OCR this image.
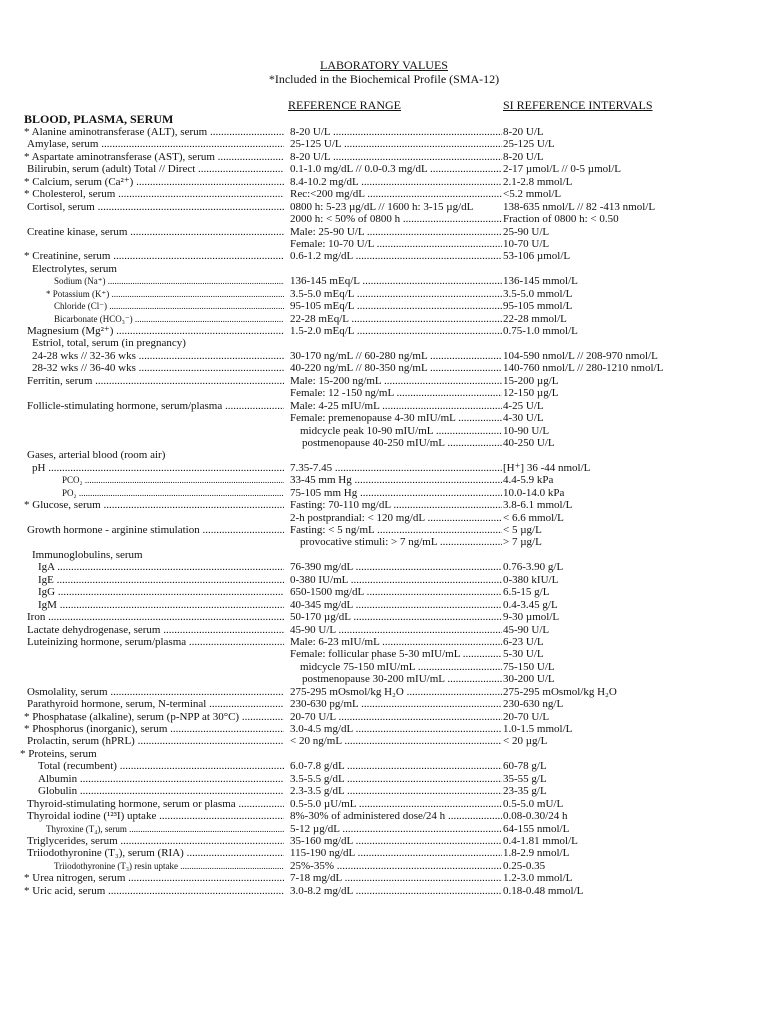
LABORATORY VALUES
*Included in the Biochemical Profile (SMA-12)
REFERENCE RANGE	SI REFERENCE INTERVALS
BLOOD, PLASMA, SERUM
* Alanine aminotransferase (ALT), serum .....	8-20 U/L .....	8-20 U/L
Amylase, serum .....	25-125 U/L .....	25-125 U/L
* Aspartate aminotransferase (AST), serum .....	8-20 U/L .....	8-20 U/L
Bilirubin, serum (adult) Total // Direct .....	0.1-1.0 mg/dL // 0.0-0.3 mg/dL .....	2-17 µmol/L // 0-5 µmol/L
* Calcium, serum (Ca²⁺) .....	8.4-10.2 mg/dL .....	2.1-2.8 mmol/L
* Cholesterol, serum .....	Rec:<200 mg/dL .....	<5.2 mmol/L
Cortisol, serum .....	0800 h: 5-23 µg/dL // 1600 h: 3-15 µg/dL	138-635 nmol/L // 82 -413 nmol/L
2000 h: < 50% of 0800 h .....	Fraction of 0800 h: < 0.50
Creatine kinase, serum .....	Male: 25-90 U/L .....	25-90 U/L
Female: 10-70 U/L .....	10-70 U/L
* Creatinine, serum .....	0.6-1.2 mg/dL .....	53-106 µmol/L
Electrolytes, serum
Sodium (Na⁺) .....	136-145 mEq/L .....	136-145 mmol/L
* Potassium (K⁺) .....	3.5-5.0 mEq/L .....	3.5-5.0 mmol/L
Chloride (Cl⁻) .....	95-105 mEq/L .....	95-105 mmol/L
Bicarbonate (HCO₃⁻) .....	22-28 mEq/L .....	22-28 mmol/L
Magnesium (Mg²⁺) .....	1.5-2.0 mEq/L .....	0.75-1.0 mmol/L
Estriol, total, serum (in pregnancy)
24-28 wks // 32-36 wks .....	30-170 ng/mL // 60-280 ng/mL .....	104-590 nmol/L // 208-970 nmol/L
28-32 wks // 36-40 wks .....	40-220 ng/mL // 80-350 ng/mL .....	140-760 nmol/L // 280-1210 nmol/L
Ferritin, serum .....	Male: 15-200 ng/mL .....	15-200 µg/L
Female: 12 -150 ng/mL .....	12-150 µg/L
Follicle-stimulating hormone, serum/plasma .....	Male: 4-25 mIU/mL .....	4-25 U/L
Female: premenopause 4-30 mIU/mL .....	4-30 U/L
midcycle peak 10-90 mIU/mL .....	10-90 U/L
postmenopause 40-250 mIU/mL .....	40-250 U/L
Gases, arterial blood (room air)
pH .....	7.35-7.45 .....	[H⁺] 36 -44 nmol/L
PCO₂ .....	33-45 mm Hg .....	4.4-5.9 kPa
PO₂ .....	75-105 mm Hg .....	10.0-14.0 kPa
* Glucose, serum .....	Fasting: 70-110 mg/dL .....	3.8-6.1 mmol/L
2-h postprandial: < 120 mg/dL .....	< 6.6 mmol/L
Growth hormone - arginine stimulation .....	Fasting: < 5 ng/mL .....	< 5 µg/L
provocative stimuli: > 7 ng/mL .....	> 7 µg/L
Immunoglobulins, serum
IgA .....	76-390 mg/dL .....	0.76-3.90 g/L
IgE .....	0-380 IU/mL .....	0-380 kIU/L
IgG .....	650-1500 mg/dL .....	6.5-15 g/L
IgM .....	40-345 mg/dL .....	0.4-3.45 g/L
Iron .....	50-170 µg/dL .....	9-30 µmol/L
Lactate dehydrogenase, serum .....	45-90 U/L .....	45-90 U/L
Luteinizing hormone, serum/plasma .....	Male: 6-23 mIU/mL .....	6-23 U/L
Female: follicular phase 5-30 mIU/mL .....	5-30 U/L
midcycle 75-150 mIU/mL .....	75-150 U/L
postmenopause 30-200 mIU/mL .....	30-200 U/L
Osmolality, serum .....	275-295 mOsmol/kg H₂O .....	275-295 mOsmol/kg H₂O
Parathyroid hormone, serum, N-terminal .....	230-630 pg/mL .....	230-630 ng/L
* Phosphatase (alkaline), serum (p-NPP at 30°C) .....	20-70 U/L .....	20-70 U/L
* Phosphorus (inorganic), serum .....	3.0-4.5 mg/dL .....	1.0-1.5 mmol/L
Prolactin, serum (hPRL) .....	< 20 ng/mL .....	< 20 µg/L
* Proteins, serum
Total (recumbent) .....	6.0-7.8 g/dL .....	60-78 g/L
Albumin .....	3.5-5.5 g/dL .....	35-55 g/L
Globulin .....	2.3-3.5 g/dL .....	23-35 g/L
Thyroid-stimulating hormone, serum or plasma .....	0.5-5.0 µU/mL .....	0.5-5.0 mU/L
Thyroidal iodine (¹²³I) uptake .....	8%-30% of administered dose/24 h .....	0.08-0.30/24 h
Thyroxine (T₄), serum .....	5-12 µg/dL .....	64-155 nmol/L
Triglycerides, serum .....	35-160 mg/dL .....	0.4-1.81 mmol/L
Triiodothyronine (T₃), serum (RIA) .....	115-190 ng/dL .....	1.8-2.9 nmol/L
Triiodothyronine (T₃) resin uptake .....	25%-35% .....	0.25-0.35
* Urea nitrogen, serum .....	7-18 mg/dL .....	1.2-3.0 mmol/L
* Uric acid, serum .....	3.0-8.2 mg/dL .....	0.18-0.48 mmol/L
